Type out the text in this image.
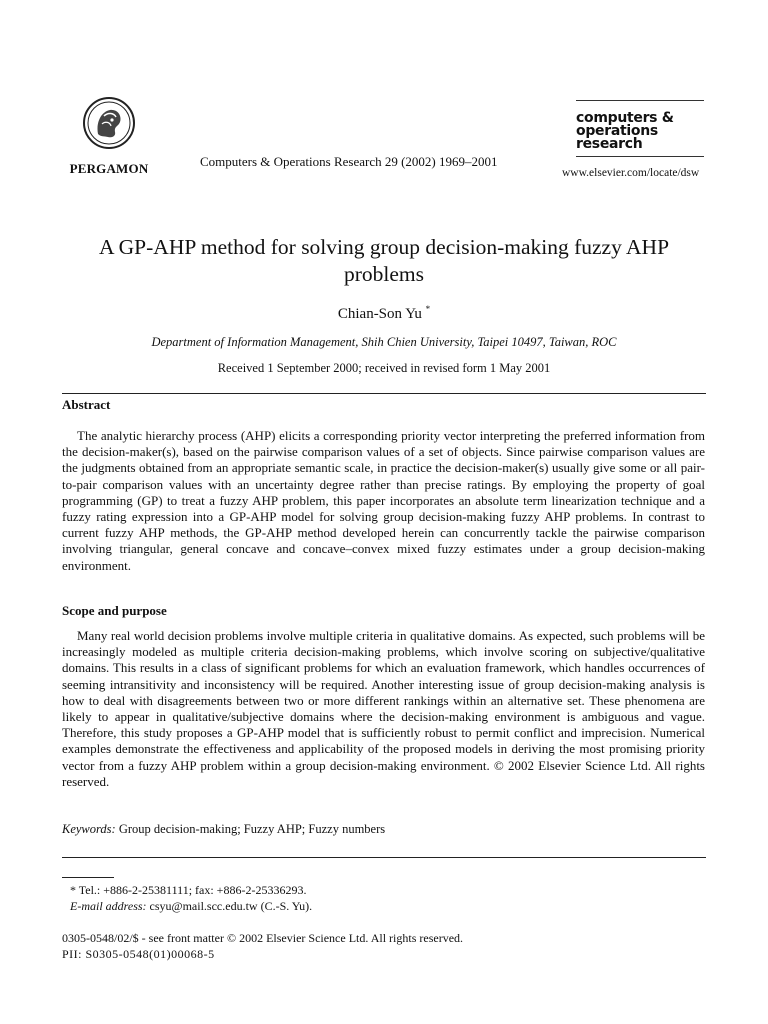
PERGAMON	Computers & Operations Research 29 (2002) 1969–2001
computers &
operations
research
www.elsevier.com/locate/dsw
A GP-AHP method for solving group decision-making fuzzy AHP problems
Chian-Son Yu *
Department of Information Management, Shih Chien University, Taipei 10497, Taiwan, ROC
Received 1 September 2000; received in revised form 1 May 2001
Abstract
The analytic hierarchy process (AHP) elicits a corresponding priority vector interpreting the preferred information from the decision-maker(s), based on the pairwise comparison values of a set of objects. Since pairwise comparison values are the judgments obtained from an appropriate semantic scale, in practice the decision-maker(s) usually give some or all pair-to-pair comparison values with an uncertainty degree rather than precise ratings. By employing the property of goal programming (GP) to treat a fuzzy AHP problem, this paper incorporates an absolute term linearization technique and a fuzzy rating expression into a GP-AHP model for solving group decision-making fuzzy AHP problems. In contrast to current fuzzy AHP methods, the GP-AHP method developed herein can concurrently tackle the pairwise comparison involving triangular, general concave and concave–convex mixed fuzzy estimates under a group decision-making environment.
Scope and purpose
Many real world decision problems involve multiple criteria in qualitative domains. As expected, such problems will be increasingly modeled as multiple criteria decision-making problems, which involve scoring on subjective/qualitative domains. This results in a class of significant problems for which an evaluation framework, which handles occurrences of seeming intransitivity and inconsistency will be required. Another interesting issue of group decision-making analysis is how to deal with disagreements between two or more different rankings within an alternative set. These phenomena are likely to appear in qualitative/subjective domains where the decision-making environment is ambiguous and vague. Therefore, this study proposes a GP-AHP model that is sufficiently robust to permit conflict and imprecision. Numerical examples demonstrate the effectiveness and applicability of the proposed models in deriving the most promising priority vector from a fuzzy AHP problem within a group decision-making environment. © 2002 Elsevier Science Ltd. All rights reserved.
Keywords: Group decision-making; Fuzzy AHP; Fuzzy numbers
* Tel.: +886-2-25381111; fax: +886-2-25336293.
E-mail address: csyu@mail.scc.edu.tw (C.-S. Yu).
0305-0548/02/$ - see front matter © 2002 Elsevier Science Ltd. All rights reserved.
PII: S0305-0548(01)00068-5
